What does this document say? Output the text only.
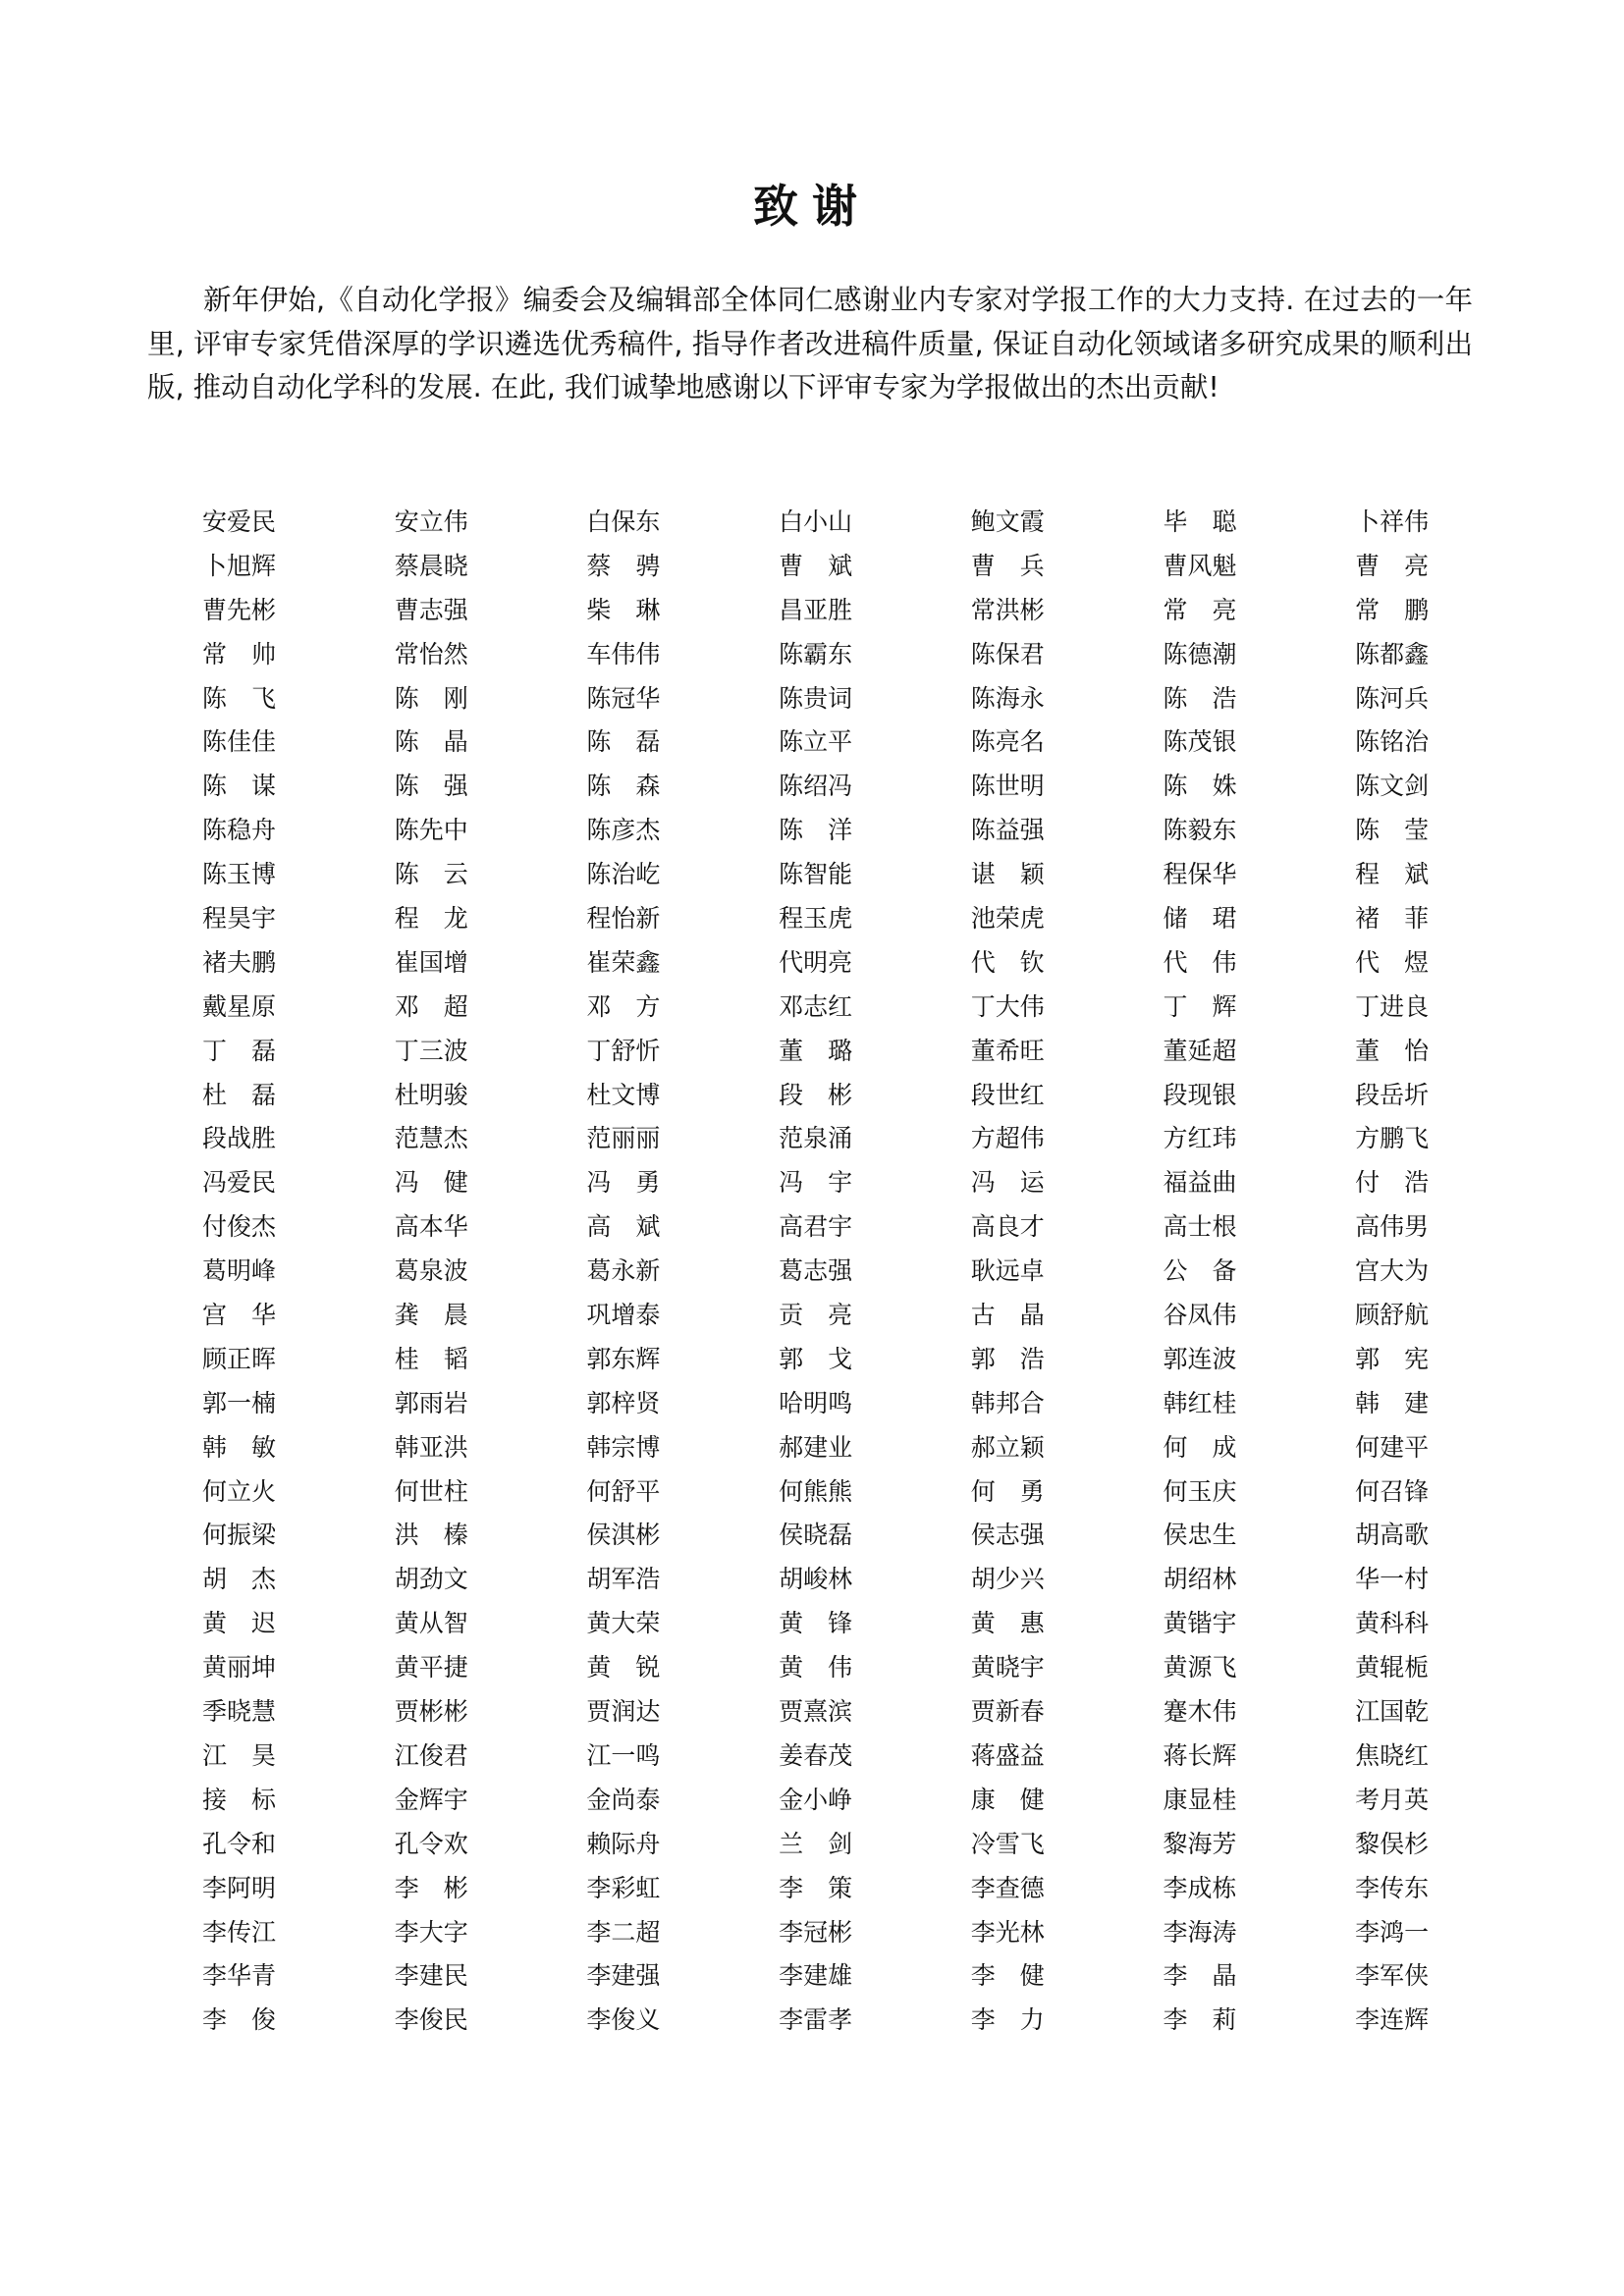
致谢

新年伊始,《自动化学报》编委会及编辑部全体同仁感谢业内专家对学报工作的大力支持. 在过去的一年里, 评审专家凭借深厚的学识遴选优秀稿件, 指导作者改进稿件质量, 保证自动化领域诸多研究成果的顺利出版, 推动自动化学科的发展. 在此, 我们诚挚地感谢以下评审专家为学报做出的杰出贡献!

安爱民	安立伟	白保东	白小山	鲍文霞	毕聪	卜祥伟
卜旭辉	蔡晨晓	蔡骋	曹斌	曹兵	曹风魁	曹亮
曹先彬	曹志强	柴琳	昌亚胜	常洪彬	常亮	常鹏
常帅	常怡然	车伟伟	陈霸东	陈保君	陈德潮	陈都鑫
陈飞	陈刚	陈冠华	陈贵词	陈海永	陈浩	陈河兵
陈佳佳	陈晶	陈磊	陈立平	陈亮名	陈茂银	陈铭治
陈谋	陈强	陈森	陈绍冯	陈世明	陈姝	陈文剑
陈稳舟	陈先中	陈彦杰	陈洋	陈益强	陈毅东	陈莹
陈玉博	陈云	陈治屹	陈智能	谌颖	程保华	程斌
程昊宇	程龙	程怡新	程玉虎	池荣虎	储珺	褚菲
褚夫鹏	崔国增	崔荣鑫	代明亮	代钦	代伟	代煜
戴星原	邓超	邓方	邓志红	丁大伟	丁辉	丁进良
丁磊	丁三波	丁舒忻	董璐	董希旺	董延超	董怡
杜磊	杜明骏	杜文博	段彬	段世红	段现银	段岳圻
段战胜	范慧杰	范丽丽	范泉涌	方超伟	方红玮	方鹏飞
冯爱民	冯健	冯勇	冯宇	冯运	福益曲	付浩
付俊杰	高本华	高斌	高君宇	高良才	高士根	高伟男
葛明峰	葛泉波	葛永新	葛志强	耿远卓	公备	宫大为
宫华	龚晨	巩增泰	贡亮	古晶	谷凤伟	顾舒航
顾正晖	桂韬	郭东辉	郭戈	郭浩	郭连波	郭宪
郭一楠	郭雨岩	郭梓贤	哈明鸣	韩邦合	韩红桂	韩建
韩敏	韩亚洪	韩宗博	郝建业	郝立颖	何成	何建平
何立火	何世柱	何舒平	何熊熊	何勇	何玉庆	何召锋
何振梁	洪榛	侯淇彬	侯晓磊	侯志强	侯忠生	胡高歌
胡杰	胡劲文	胡军浩	胡峻林	胡少兴	胡绍林	华一村
黄迟	黄从智	黄大荣	黄锋	黄惠	黄锴宇	黄科科
黄丽坤	黄平捷	黄锐	黄伟	黄晓宇	黄源飞	黄辊栀
季晓慧	贾彬彬	贾润达	贾熹滨	贾新春	蹇木伟	江国乾
江昊	江俊君	江一鸣	姜春茂	蒋盛益	蒋长辉	焦晓红
接标	金辉宇	金尚泰	金小峥	康健	康显桂	考月英
孔令和	孔令欢	赖际舟	兰剑	冷雪飞	黎海芳	黎俣杉
李阿明	李彬	李彩虹	李策	李查德	李成栋	李传东
李传江	李大字	李二超	李冠彬	李光林	李海涛	李鸿一
李华青	李建民	李建强	李建雄	李健	李晶	李军侠
李俊	李俊民	李俊义	李雷孝	李力	李莉	李连辉
